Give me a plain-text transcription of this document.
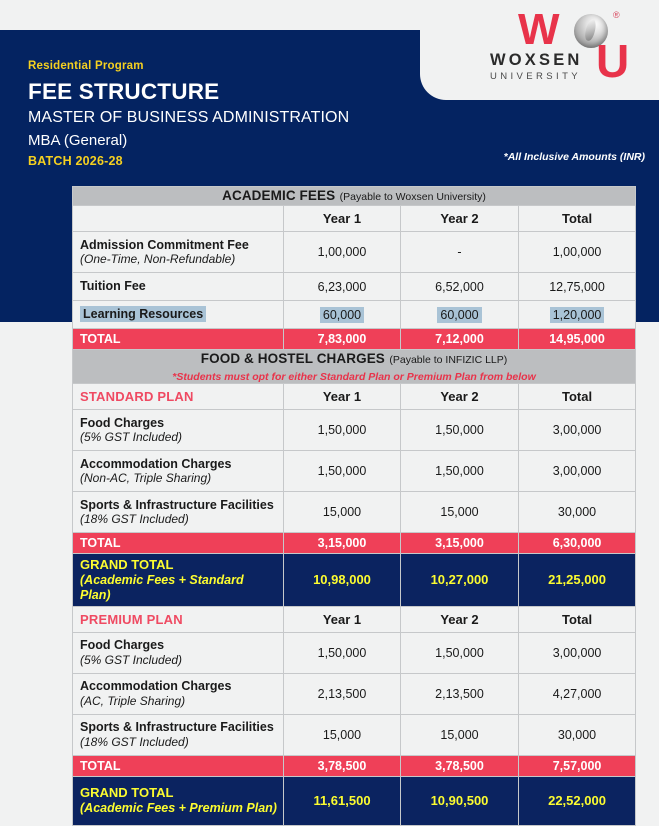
W	®
U
WOXSEN
UNIVERSITY
Residential Program
FEE STRUCTURE
MASTER OF BUSINESS ADMINISTRATION
MBA (General)
BATCH 2026-28	*All Inclusive Amounts (INR)
ACADEMIC FEES (Payable to Woxsen University)			
	Year 1	Year 2	Total

Admission Commitment Fee
(One-Time, Non-Refundable)	1,00,000	-	1,00,000

Tuition Fee	6,23,000	6,52,000	12,75,000

Learning Resources	60,000	60,000	1,20,000
TOTAL	7,83,000	7,12,000	14,95,000
FOOD & HOSTEL CHARGES (Payable to INFIZIC LLP)
*Students must opt for either Standard Plan or Premium Plan from below			

STANDARD PLAN	Year 1	Year 2	Total

Food Charges
(5% GST Included)	1,50,000	1,50,000	3,00,000

Accommodation Charges
(Non-AC, Triple Sharing)	1,50,000	1,50,000	3,00,000

Sports & Infrastructure Facilities
(18% GST Included)	15,000	15,000	30,000
TOTAL	3,15,000	3,15,000	6,30,000

GRAND TOTAL
(Academic Fees + Standard Plan)	10,98,000	10,27,000	21,25,000
PREMIUM PLAN	Year 1	Year 2	Total

Food Charges
(5% GST Included)	1,50,000	1,50,000	3,00,000

Accommodation Charges
(AC, Triple Sharing)	2,13,500	2,13,500	4,27,000

Sports & Infrastructure Facilities
(18% GST Included)	15,000	15,000	30,000
TOTAL	3,78,500	3,78,500	7,57,000

GRAND TOTAL
(Academic Fees + Premium Plan)	11,61,500	10,90,500	22,52,000
